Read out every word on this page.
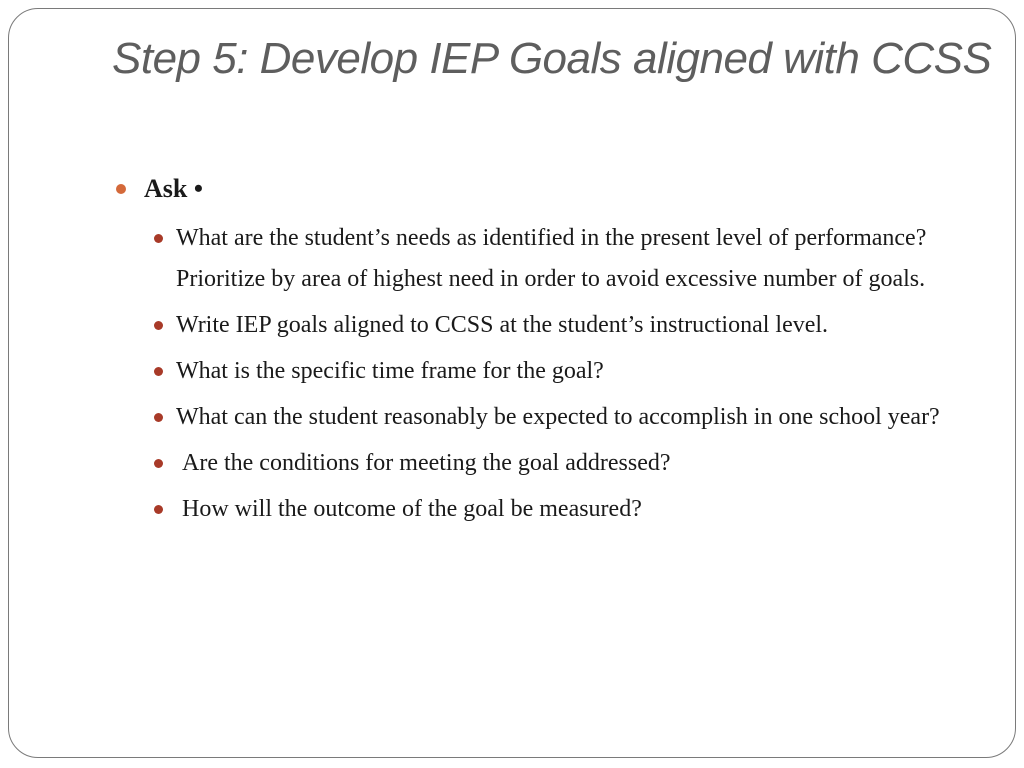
Step 5: Develop IEP Goals aligned with CCSS
Ask •
What are the student’s needs as identified in the present level of performance? Prioritize by area of highest need in order to avoid excessive number of goals.
Write IEP goals aligned to CCSS at the student’s instructional level.
What is the specific time frame for the goal?
What can the student reasonably be expected to accomplish in one school year?
Are the conditions for meeting the goal addressed?
How will the outcome of the goal be measured?
